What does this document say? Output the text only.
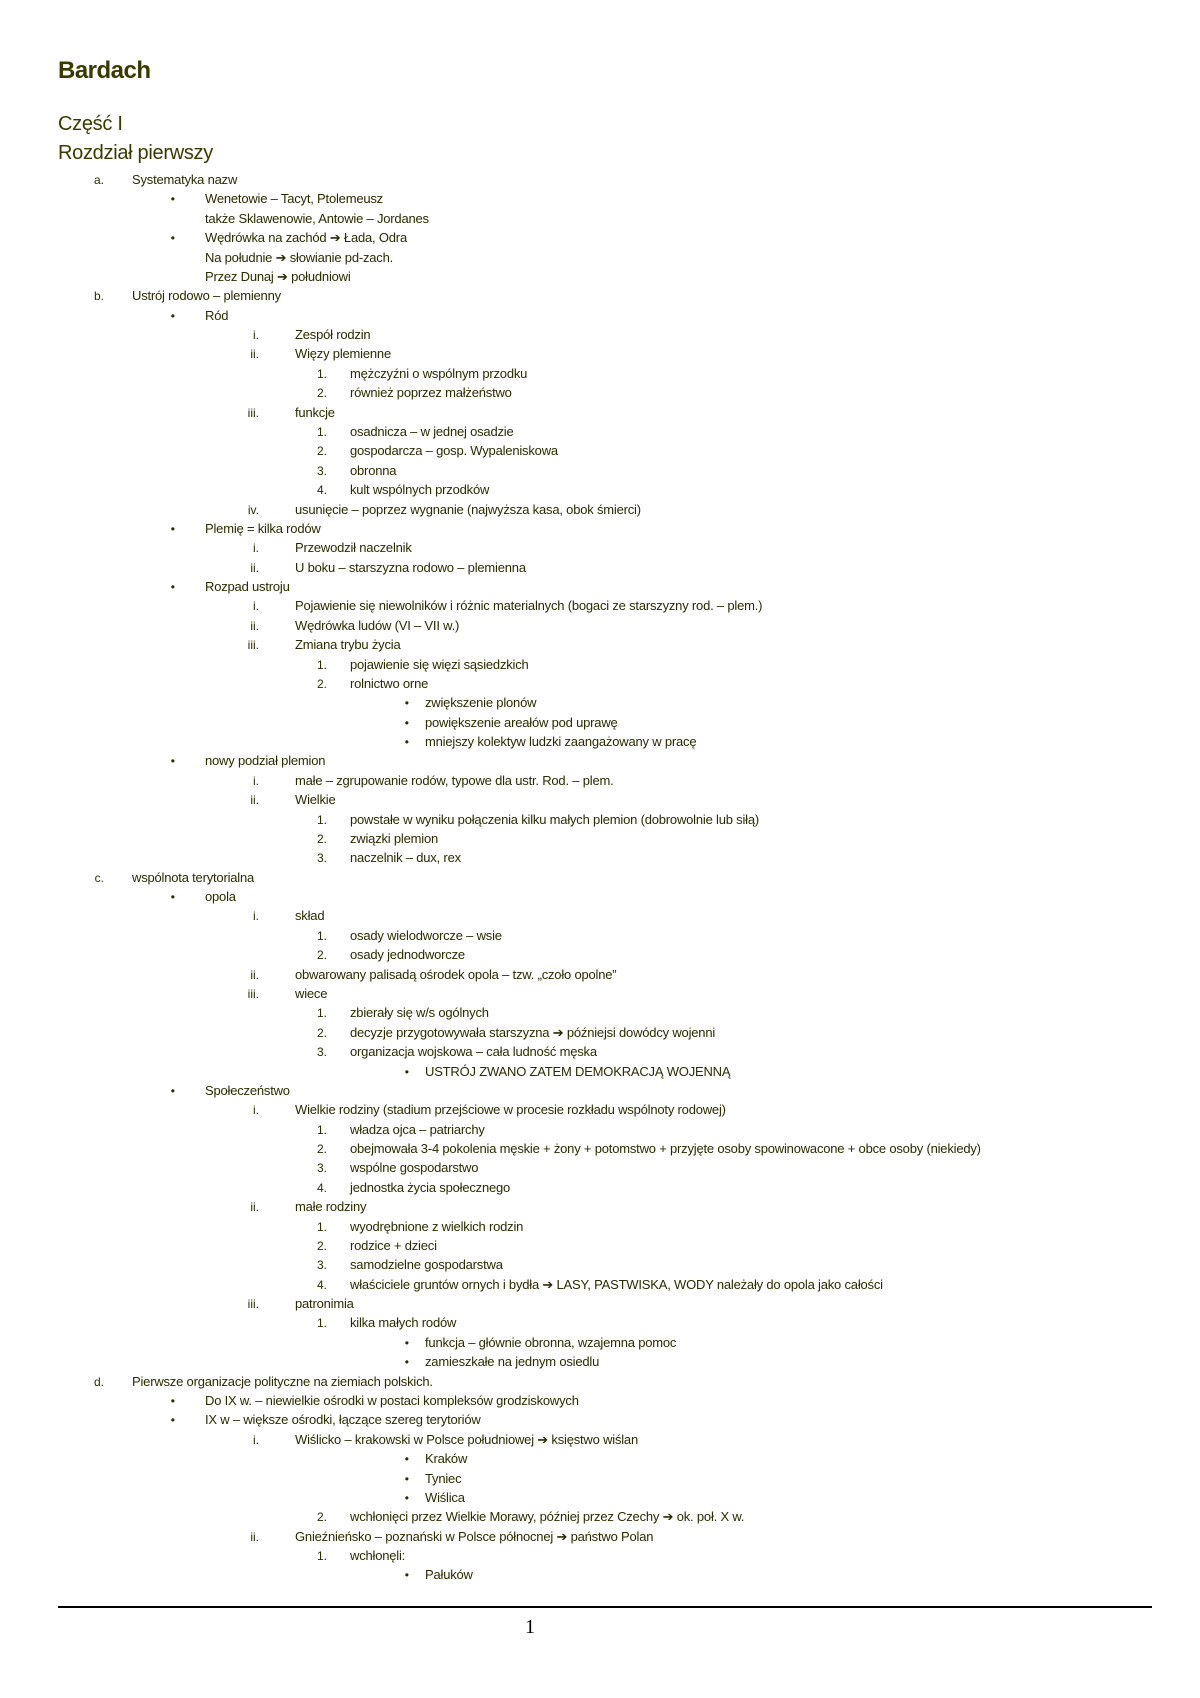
Bardach
Część I
Rozdział pierwszy
a. Systematyka nazw
• Wenetowie – Tacyt, Ptolemeusz
także Sklawenowie, Antowie – Jordanes
• Wędrówka na zachód ➔ Łada, Odra
Na południe ➔ słowianie pd-zach.
Przez Dunaj ➔ południowi
b. Ustrój rodowo – plemienny
• Ród
i.	Zespół rodzin
ii.	Więzy plemienne
1. mężczyźni o wspólnym przodku
2. również poprzez małżeństwo
iii.	funkcje
1. osadnicza – w jednej osadzie
2. gospodarcza – gosp. Wypaleniskowa
3. obronna
4. kult wspólnych przodków
iv.	usunięcie – poprzez wygnanie (najwyższa kasa, obok śmierci)
• Plemię = kilka rodów
i.	Przewodził naczelnik
ii.	U boku – starszyzna rodowo – plemienna
• Rozpad ustroju
i.	Pojawienie się niewolników i różnic materialnych (bogaci ze starszyzny rod. – plem.)
ii.	Wędrówka ludów (VI – VII w.)
iii.	Zmiana trybu życia
1. pojawienie się więzi sąsiedzkich
2. rolnictwo orne
• zwiększenie plonów
• powiększenie areałów pod uprawę
• mniejszy kolektyw ludzki zaangażowany w pracę
• nowy podział plemion
i.	małe – zgrupowanie rodów, typowe dla ustr. Rod. – plem.
ii.	Wielkie
1. powstałe w wyniku połączenia kilku małych plemion (dobrowolnie lub siłą)
2. związki plemion
3. naczelnik – dux, rex
c. wspólnota terytorialna
• opola
i.	skład
1. osady wielodworcze – wsie
2. osady jednodworcze
ii.	obwarowany palisadą ośrodek opola – tzw. „czoło opolne”
iii.	wiece
1. zbierały się w/s ogólnych
2. decyzje przygotowywała starszyzna ➔ późniejsi dowódcy wojenni
3. organizacja wojskowa – cała ludność męska
• USTRÓJ ZWANO ZATEM DEMOKRACJĄ WOJENNĄ
• Społeczeństwo
i.	Wielkie rodziny (stadium przejściowe w procesie rozkładu wspólnoty rodowej)
1. władza ojca – patriarchy
2. obejmowała 3-4 pokolenia męskie + żony + potomstwo + przyjęte osoby spowinowacone + obce osoby (niekiedy)
3. wspólne gospodarstwo
4. jednostka życia społecznego
ii.	małe rodziny
1. wyodrębnione z wielkich rodzin
2. rodzice + dzieci
3. samodzielne gospodarstwa
4. właściciele gruntów ornych i bydła ➔ LASY, PASTWISKA, WODY należały do opola jako całości
iii.	patronimia
1. kilka małych rodów
• funkcja – głównie obronna, wzajemna pomoc
• zamieszkałe na jednym osiedlu
d. Pierwsze organizacje polityczne na ziemiach polskich.
• Do IX w. – niewielkie ośrodki w postaci kompleksów grodziskowych
• IX w – większe ośrodki, łączące szereg terytoriów
i.	Wiślicko – krakowski w Polsce południowej ➔ księstwo wiślan
• Kraków
• Tyniec
• Wiślica
2. wchłonięci przez Wielkie Morawy, później przez Czechy ➔ ok. poł. X w.
ii.	Gnieźnieńsko – poznański w Polsce północnej ➔ państwo Polan
1. wchłonęli:
• Pałuków
1
